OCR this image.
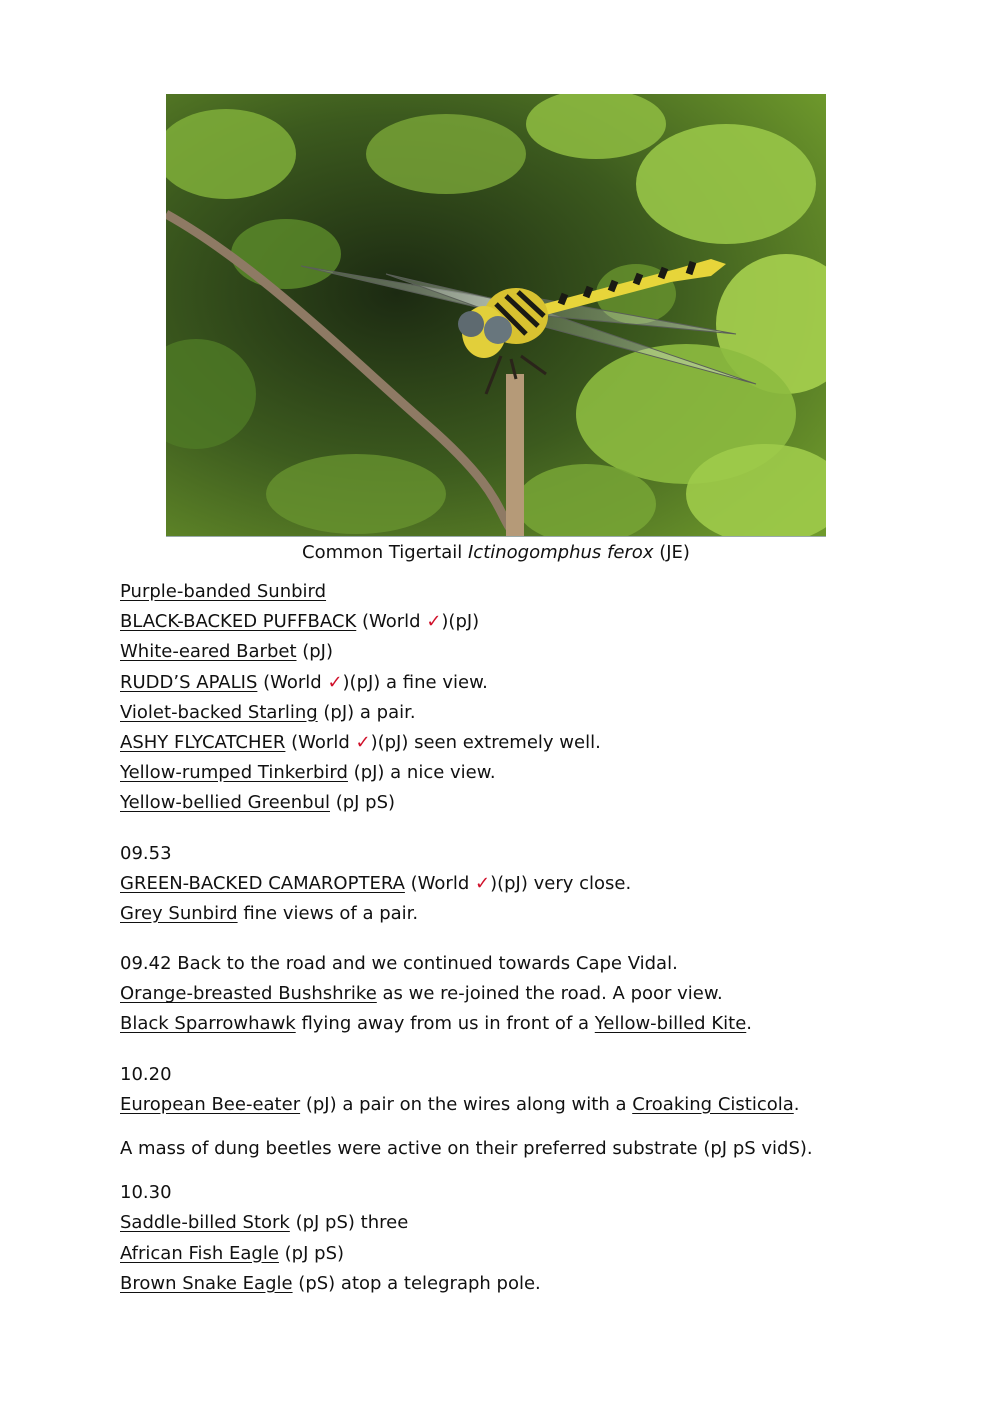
Common Tigertail Ictinogomphus ferox (JE)
Purple-banded Sunbird
BLACK-BACKED PUFFBACK (World ✓)(pJ)
White-eared Barbet (pJ)
RUDD’S APALIS (World ✓)(pJ) a fine view.
Violet-backed Starling (pJ) a pair.
ASHY FLYCATCHER (World ✓)(pJ) seen extremely well.
Yellow-rumped Tinkerbird (pJ) a nice view.
Yellow-bellied Greenbul (pJ pS)
09.53
GREEN-BACKED CAMAROPTERA (World ✓)(pJ) very close.
Grey Sunbird fine views of a pair.
09.42 Back to the road and we continued towards Cape Vidal.
Orange-breasted Bushshrike as we re-joined the road. A poor view.
Black Sparrowhawk flying away from us in front of a Yellow-billed Kite.
10.20
European Bee-eater (pJ) a pair on the wires along with a Croaking Cisticola.
A mass of dung beetles were active on their preferred substrate (pJ pS vidS).
10.30
Saddle-billed Stork (pJ pS) three
African Fish Eagle (pJ pS)
Brown Snake Eagle (pS) atop a telegraph pole.
